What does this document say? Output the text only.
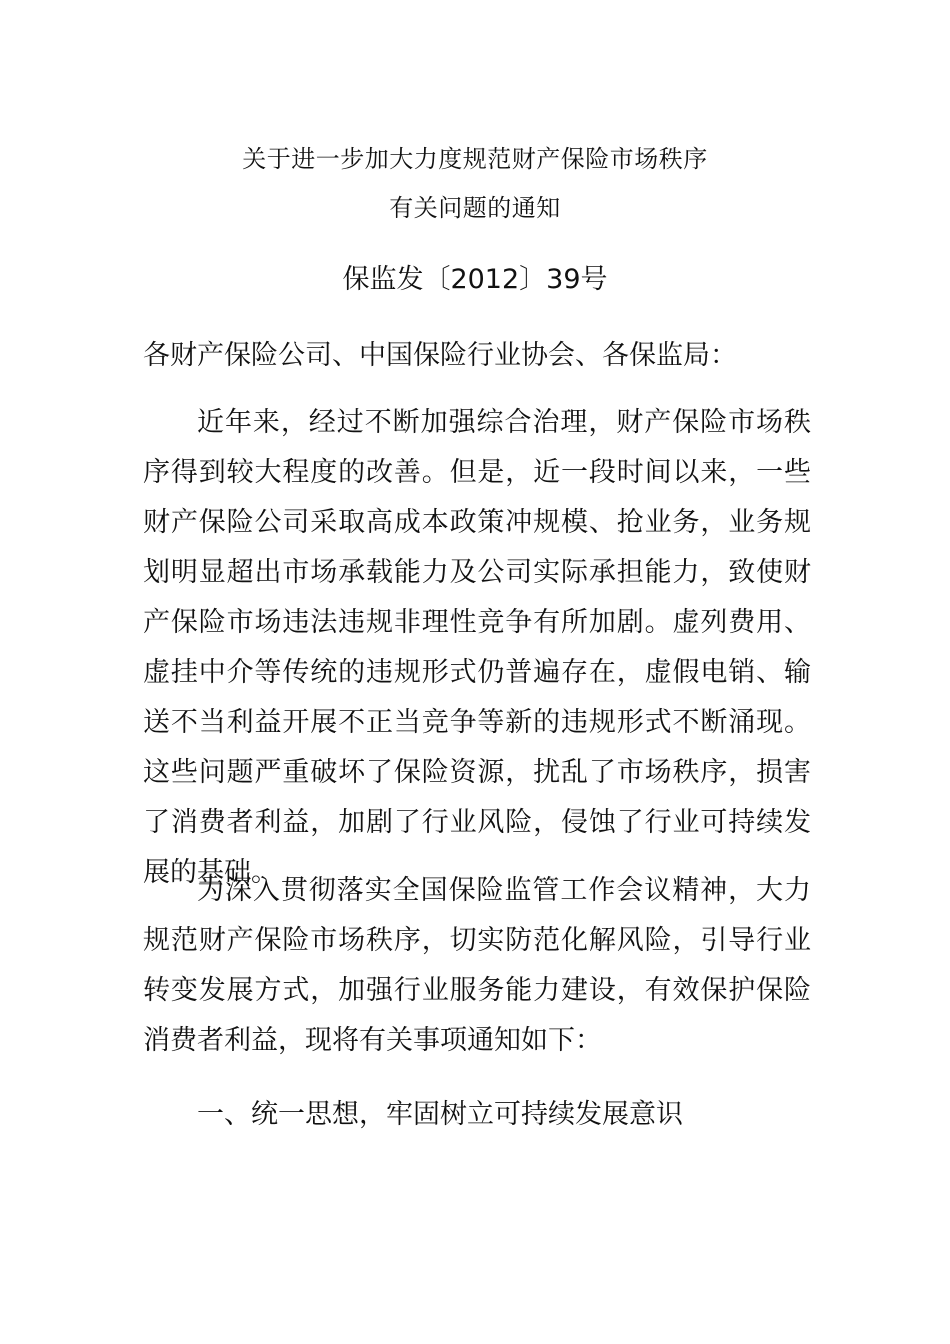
关于进一步加大力度规范财产保险市场秩序
有关问题的通知
保监发〔2012〕39号
各财产保险公司、中国保险行业协会、各保监局：

近年来，经过不断加强综合治理，财产保险市场秩序得到较大程度的改善。但是，近一段时间以来，一些财产保险公司采取高成本政策冲规模、抢业务，业务规划明显超出市场承载能力及公司实际承担能力，致使财产保险市场违法违规非理性竞争有所加剧。虚列费用、虚挂中介等传统的违规形式仍普遍存在，虚假电销、输送不当利益开展不正当竞争等新的违规形式不断涌现。这些问题严重破坏了保险资源，扰乱了市场秩序，损害了消费者利益，加剧了行业风险，侵蚀了行业可持续发展的基础。

为深入贯彻落实全国保险监管工作会议精神，大力规范财产保险市场秩序，切实防范化解风险，引导行业转变发展方式，加强行业服务能力建设，有效保护保险消费者利益，现将有关事项通知如下：

一、统一思想，牢固树立可持续发展意识
